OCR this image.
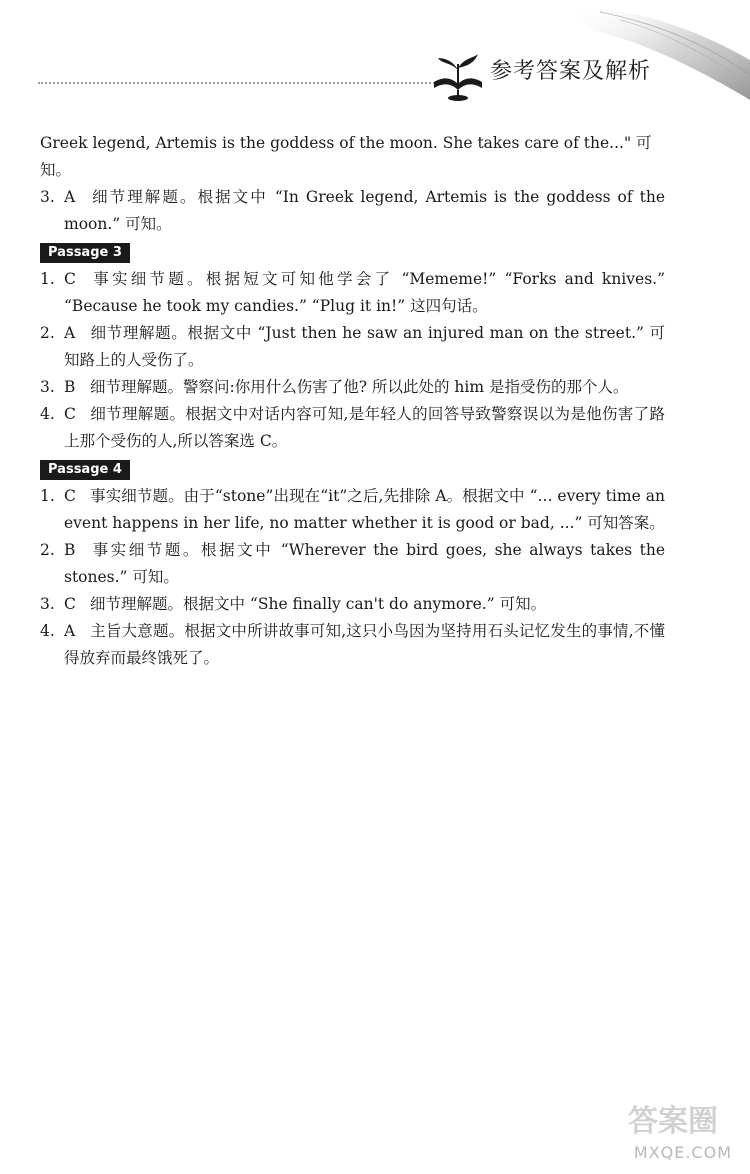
参考答案及解析

Greek legend, Artemis is the goddess of the moon. She takes care of the..." 可知。

3. A 细节理解题。根据文中 “In Greek legend, Artemis is the goddess of the moon.” 可知。
Passage 3
1. C 事实细节题。根据短文可知他学会了 “Mememe!” “Forks and knives.” “Because he took my candies.” “Plug it in!” 这四句话。
2. A 细节理解题。根据文中 “Just then he saw an injured man on the street.” 可知路上的人受伤了。
3. B 细节理解题。警察问:你用什么伤害了他? 所以此处的 him 是指受伤的那个人。
4. C 细节理解题。根据文中对话内容可知,是年轻人的回答导致警察误以为是他伤害了路上那个受伤的人,所以答案选 C。
Passage 4
1. C 事实细节题。由于“stone”出现在“it”之后,先排除 A。根据文中 “... every time an event happens in her life, no matter whether it is good or bad, ...” 可知答案。
2. B 事实细节题。根据文中 “Wherever the bird goes, she always takes the stones.” 可知。
3. C 细节理解题。根据文中 “She finally can't do anymore.” 可知。
4. A 主旨大意题。根据文中所讲故事可知,这只小鸟因为坚持用石头记忆发生的事情,不懂得放弃而最终饿死了。
答案圈
MXQE.COM
